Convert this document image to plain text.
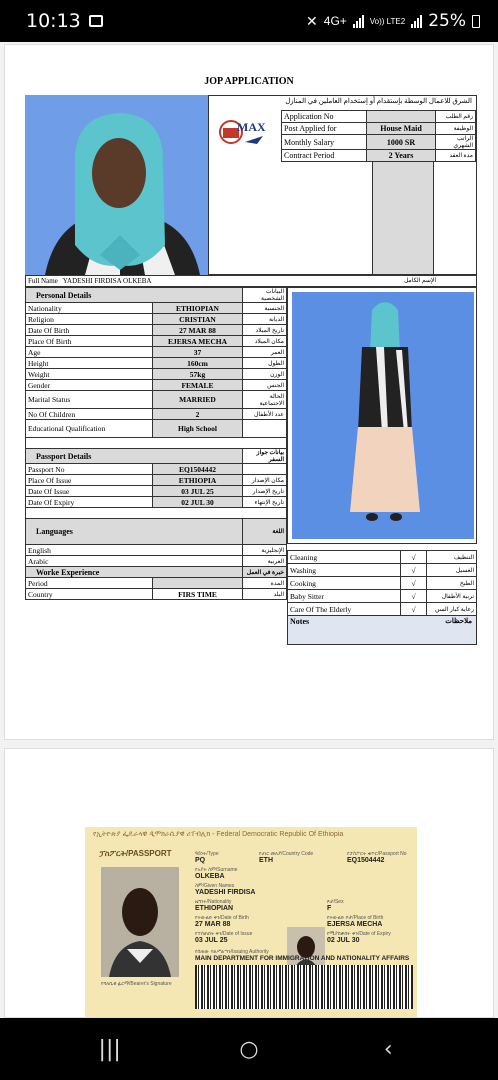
10:13	✕ 4G+	Vo)) LTE2 25%
JOP APPLICATION
الشرق للاعمال الوسطة بإستقدام أو إستخدام العاملين في المنازل
MAX
Application No		رقم الطلب
Post Applied for	House Maid	الوظيفة
Monthly Salary	1000 SR	الراتب الشهري
Contract Period	2 Years	مدة العقد
Full Name YADESHI FIRDISA OLKEBA	الإسم الكامل
Personal Details		البيانات الشخصية
Nationality	ETHIOPIAN	الجنسية
Religion	CRISTIAN	الديانة
Date Of Birth	27 MAR 88	تاريخ الميلاد
Place Of Birth	EJERSA MECHA	مكان الميلاد
Age	37	العمر
Height	160cm	الطول
Weight	57kg	الوزن
Gender	FEMALE	الجنس
Marital Status	MARRIED	الحالة الاجتماعية
No Of Children	2	عدد الأطفال
Educational Qualification	High School	

Passport Details		بيانات جواز السفر
Passport No	EQ1504442	
Place Of Issue	ETHIOPIA	مكان الإصدار
Date Of Issue	03 JUL 25	تاريخ الإصدار
Date Of Expiry	02 JUL 30	تاريخ الإنتهاء

Languages		اللغة
English		الإنجليزية
Arabic		العربية
Worke Experience		خبرة في العمل
Period		المدة
Country	FIRS TIME	البلد
Cleaning	√	التنظيف
Washing	√	الغسيل
Cooking	√	الطبخ
Baby Sitter	√	تربية الأطفال
Care Of The Elderly	√	رعاية كبار السن
Notes	ملاحظات
የኢትዮጵያ ፌዴራላዊ ዲሞክራሲያዊ ሪፐብሊክ - Federal Democratic Republic Of Ethiopia
ፓስፖርት/PASSPORT
የባለቤቱ ፊርማ/Bearer's Signature
ዓይነት/Type
PQ
የሀገር መለያ/Country Code
ETH
የፓስፖርት ቁጥር/Passport No
EQ1504442
የአያት ስም/Surname
OLKEBA
ስም/Given Names
YADESHI FIRDISA
ዜግነት/Nationality
ETHIOPIAN
ጾታ/Sex
F
የትውልድ ቀን/Date of Birth
27 MAR 88
የትውልድ ቦታ/Place of Birth
EJERSA MECHA
የተሰጠበት ቀን/Date of Issue
03 JUL 25
የሚያበቃበት ቀን/Date of Expiry
02 JUL 30
የሰጠው ባለሥልጣን/Issuing Authority
MAIN DEPARTMENT FOR IMMIGRATION AND NATIONALITY AFFAIRS
|||	○	‹
